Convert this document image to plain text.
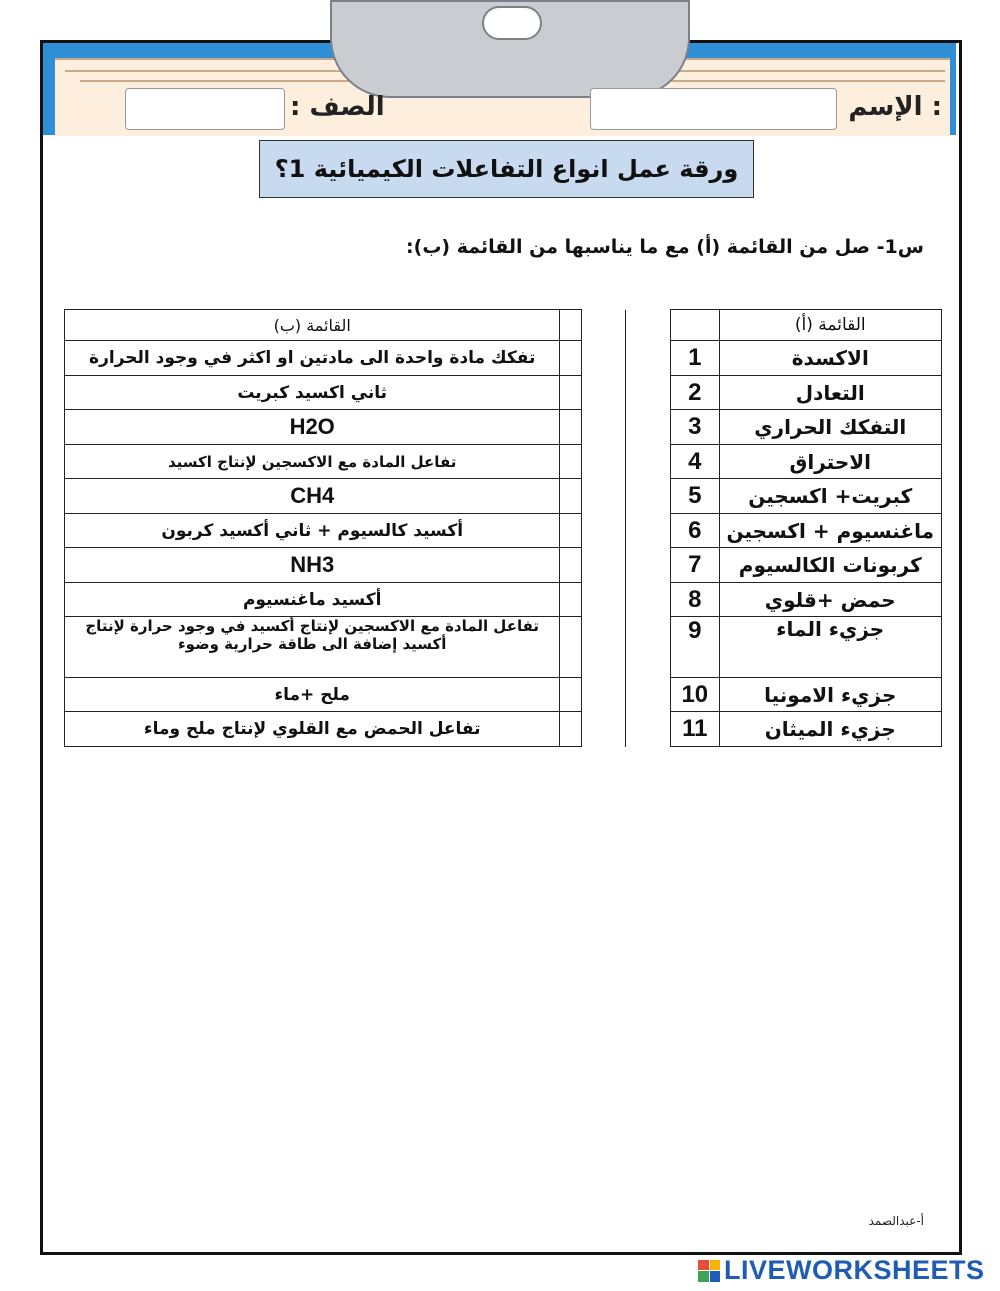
الإسم :
الصف :
ورقة عمل انواع التفاعلات الكيميائية 1؟
س1- صل من القائمة (أ) مع ما يناسبها من القائمة (ب):
القائمة (ب)					القائمة (أ)
تفكك مادة واحدة الى مادتين او اكثر في وجود الحرارة				1	الاكسدة
ثاني اكسيد كبريت				2	التعادل
H2O				3	التفكك الحراري
تفاعل المادة مع الاكسجين لإنتاج اكسيد				4	الاحتراق
CH4				5	كبريت+ اكسجين
أكسيد كالسيوم + ثاني أكسيد كربون				6	ماغنسيوم + اكسجين
NH3				7	كربونات الكالسيوم
أكسيد ماغنسيوم				8	حمض +قلوي
تفاعل المادة مع الاكسجين لإنتاج أكسيد في وجود حرارة لإنتاج أكسيد إضافة الى طاقة حرارية وضوء				9	جزيء الماء
ملح +ماء				10	جزيء الامونيا
تفاعل الحمض مع القلوي لإنتاج ملح وماء				11	جزيء الميثان
أ-عبدالصمد
LIVEWORKSHEETS
